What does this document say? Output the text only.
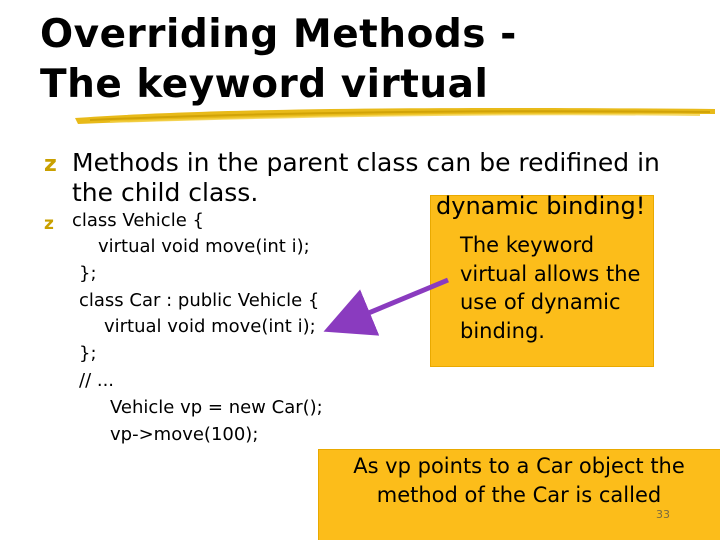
Overriding Methods -
The keyword virtual
z Methods in the parent class can be redifined in
the child class.
z class Vehicle {
virtual void move(int i);
};
class Car : public Vehicle {
virtual void move(int i);
};
// ...
Vehicle vp = new Car();
vp->move(100);
dynamic binding!
The keyword
virtual allows the
use of dynamic
binding.
As vp points to a Car object the
method of the Car is called
33
